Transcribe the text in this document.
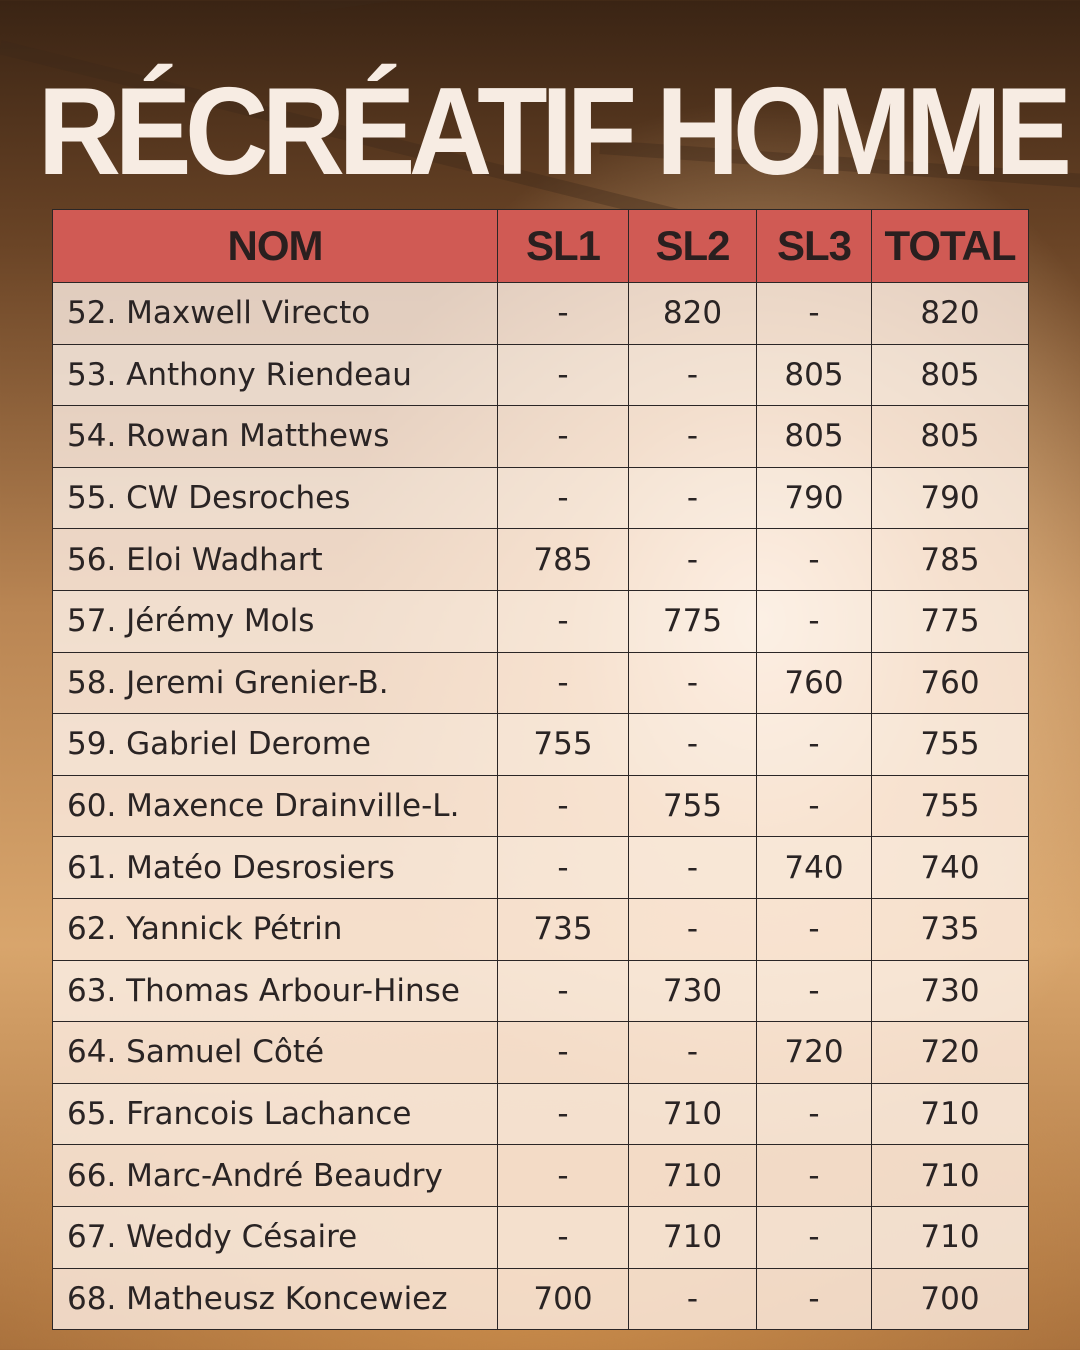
RÉCRÉATIF HOMME
NOM	SL1	SL2	SL3	TOTAL
52. Maxwell Virecto	-	820	-	820
53. Anthony Riendeau	-	-	805	805
54. Rowan Matthews	-	-	805	805
55. CW Desroches	-	-	790	790
56. Eloi Wadhart	785	-	-	785
57. Jérémy Mols	-	775	-	775
58. Jeremi Grenier-B.	-	-	760	760
59. Gabriel Derome	755	-	-	755
60. Maxence Drainville-L.	-	755	-	755
61. Matéo Desrosiers	-	-	740	740
62. Yannick Pétrin	735	-	-	735
63. Thomas Arbour-Hinse	-	730	-	730
64. Samuel Côté	-	-	720	720
65. Francois Lachance	-	710	-	710
66. Marc-André Beaudry	-	710	-	710
67. Weddy Césaire	-	710	-	710
68. Matheusz Koncewiez	700	-	-	700
